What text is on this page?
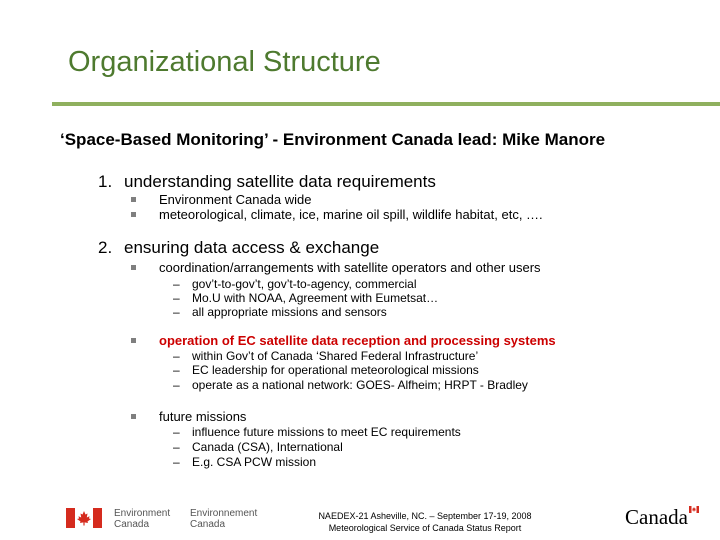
Organizational Structure
‘Space-Based Monitoring’ - Environment Canada lead: Mike Manore
1. understanding satellite data requirements
Environment Canada wide
meteorological, climate, ice, marine oil spill, wildlife habitat, etc, ….
2. ensuring data access & exchange
coordination/arrangements with satellite operators and other users
– gov’t-to-gov’t, gov’t-to-agency, commercial
– Mo.U with NOAA, Agreement with Eumetsat…
– all appropriate missions and sensors
operation of EC satellite data reception and processing systems
– within Gov’t of Canada ‘Shared Federal Infrastructure’
– EC leadership for operational meteorological missions
– operate as a national network: GOES- Alfheim; HRPT - Bradley
future missions
– influence future missions to meet EC requirements
– Canada (CSA), International
– E.g. CSA PCW mission
Environment
Canada
Environnement
Canada
NAEDEX-21 Asheville, NC. – September 17-19, 2008
Meteorological Service of Canada Status Report	Canada
